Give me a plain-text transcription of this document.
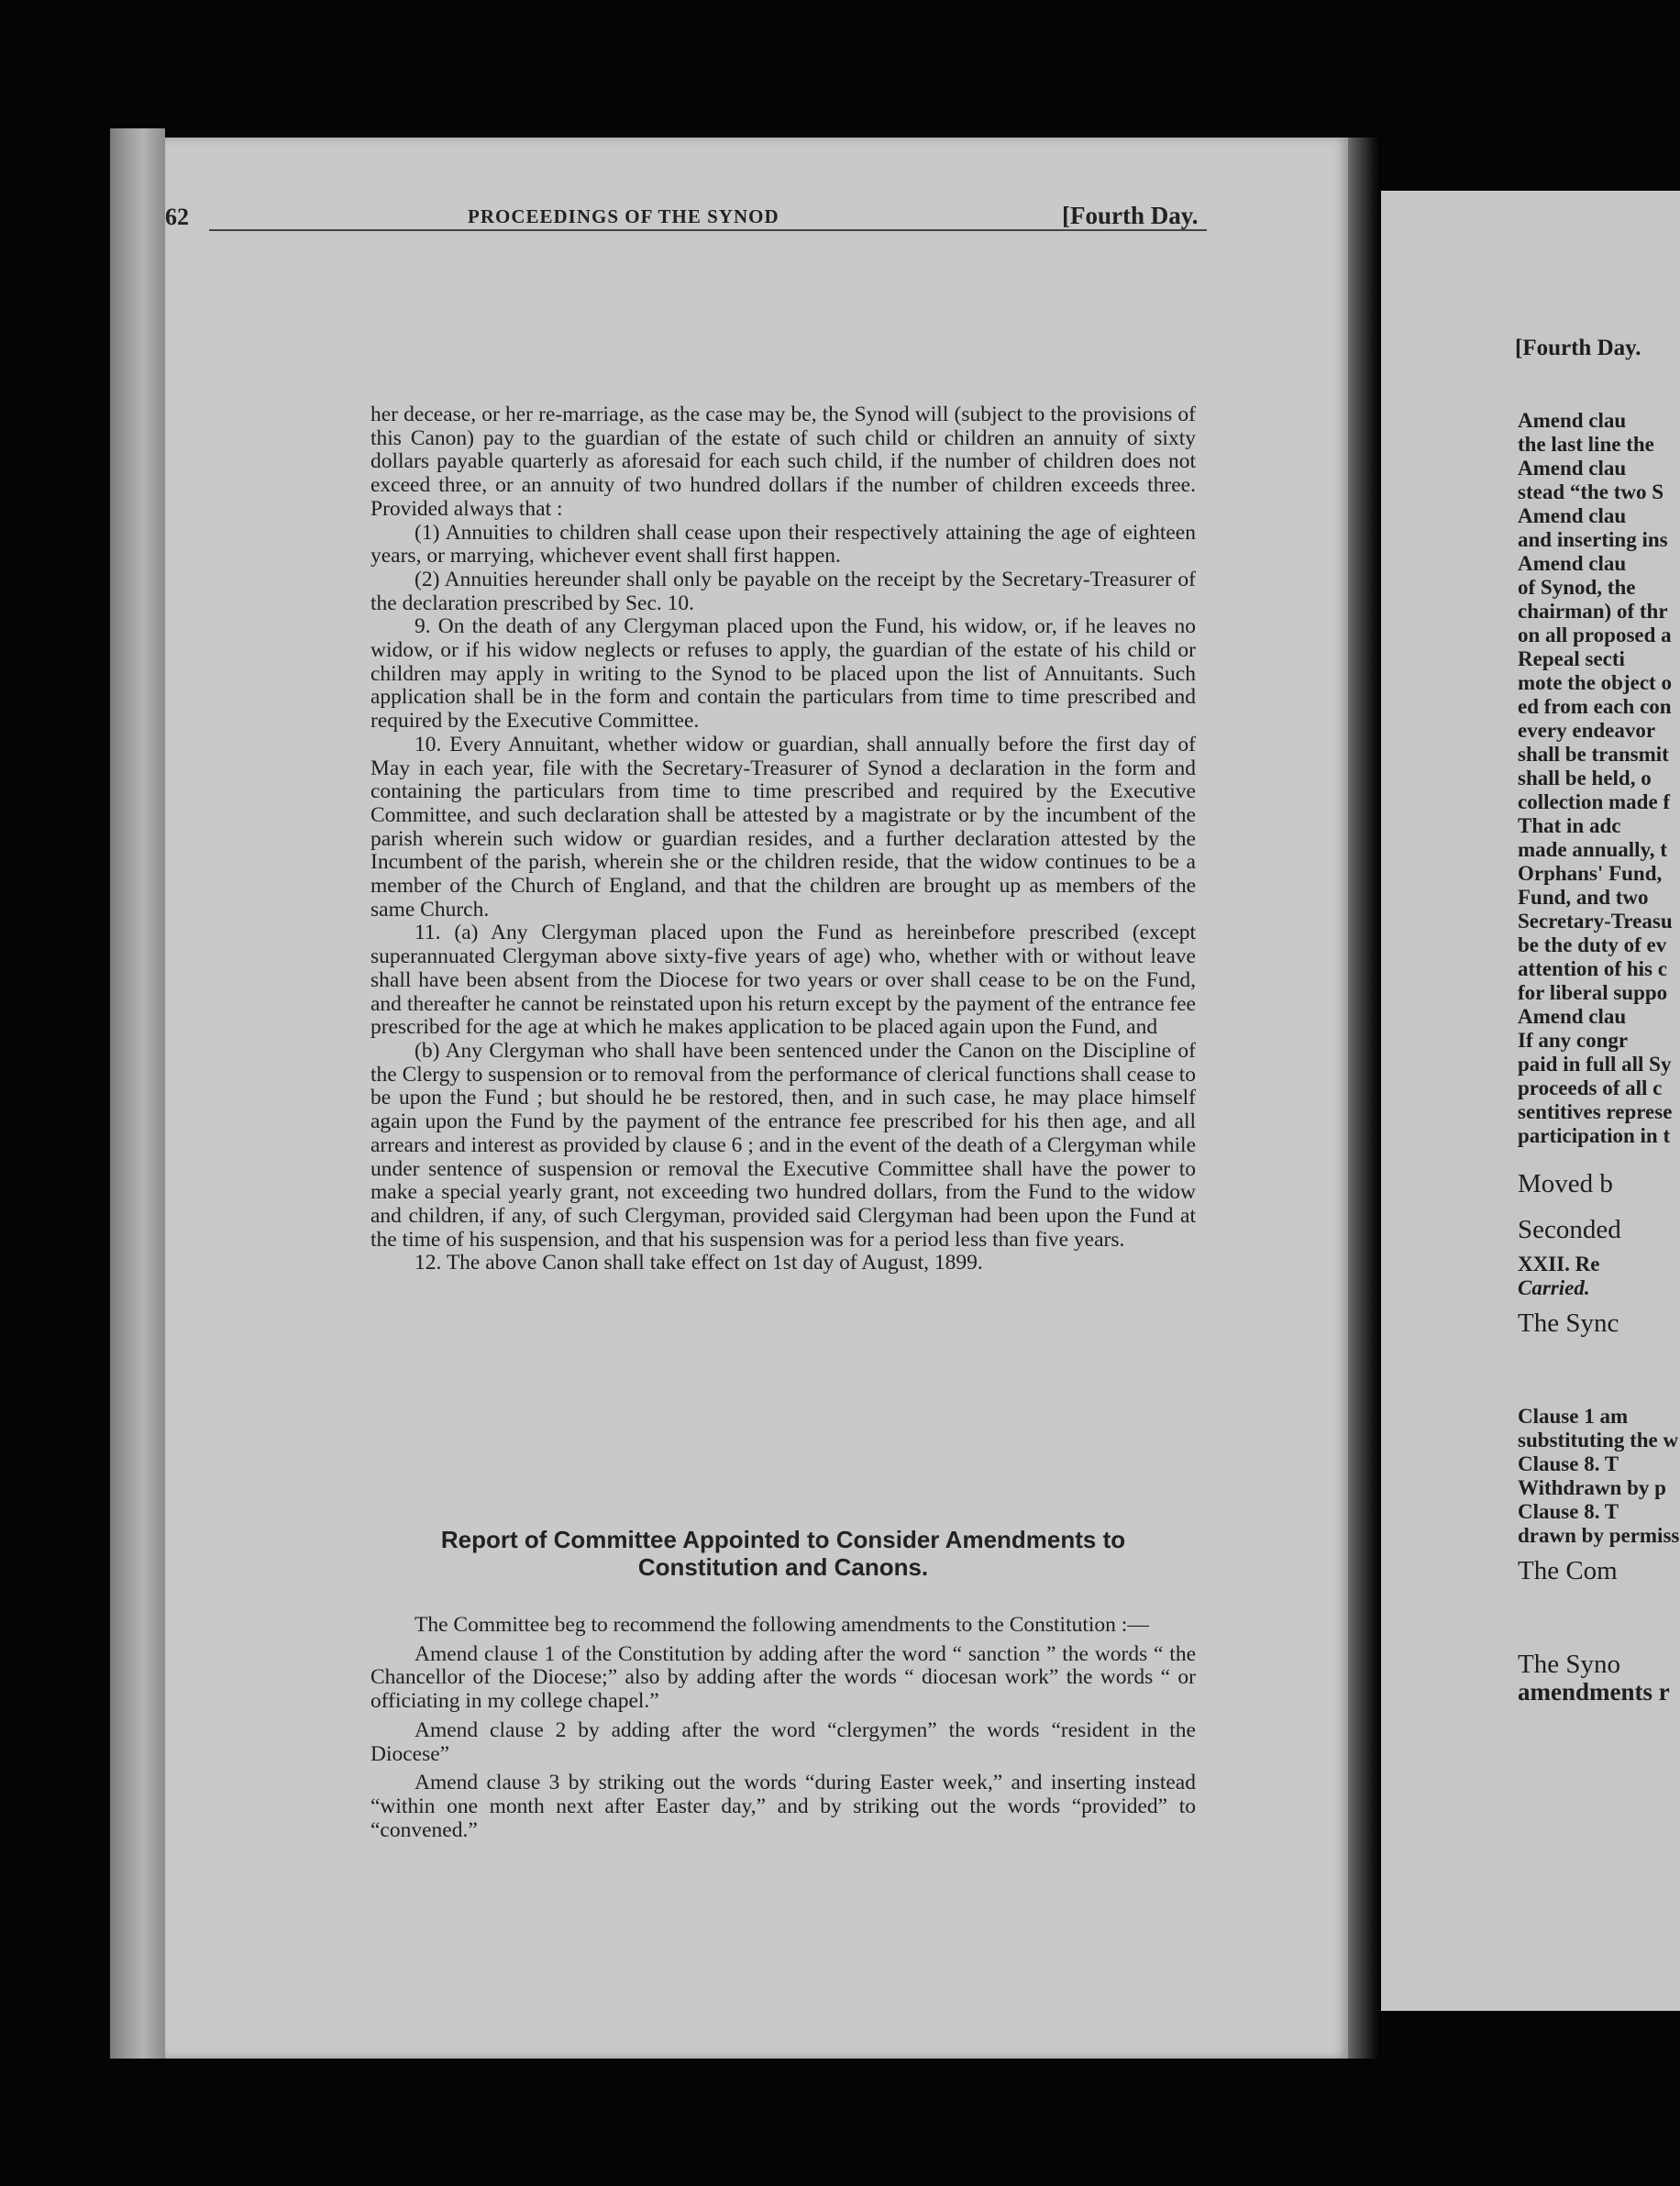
62	PROCEEDINGS OF THE SYNOD	[Fourth Day.

her decease, or her re-marriage, as the case may be, the Synod will (subject to the provisions of this Canon) pay to the guardian of the estate of such child or children an annuity of sixty dollars payable quarterly as aforesaid for each such child, if the number of children does not exceed three, or an annuity of two hundred dollars if the number of children exceeds three. Provided always that :

(1) Annuities to children shall cease upon their respectively attaining the age of eighteen years, or marrying, whichever event shall first happen.

(2) Annuities hereunder shall only be payable on the receipt by the Secretary-Treasurer of the declaration prescribed by Sec. 10.

9. On the death of any Clergyman placed upon the Fund, his widow, or, if he leaves no widow, or if his widow neglects or refuses to apply, the guardian of the estate of his child or children may apply in writing to the Synod to be placed upon the list of Annuitants. Such application shall be in the form and contain the particulars from time to time prescribed and required by the Executive Committee.

10. Every Annuitant, whether widow or guardian, shall annually before the first day of May in each year, file with the Secretary-Treasurer of Synod a declaration in the form and containing the particulars from time to time prescribed and required by the Executive Committee, and such declaration shall be attested by a magistrate or by the incumbent of the parish wherein such widow or guardian resides, and a further declaration attested by the Incumbent of the parish, wherein she or the children reside, that the widow continues to be a member of the Church of England, and that the children are brought up as members of the same Church.

11. (a) Any Clergyman placed upon the Fund as hereinbefore prescribed (except superannuated Clergyman above sixty-five years of age) who, whether with or without leave shall have been absent from the Diocese for two years or over shall cease to be on the Fund, and thereafter he cannot be reinstated upon his return except by the payment of the entrance fee prescribed for the age at which he makes application to be placed again upon the Fund, and

(b) Any Clergyman who shall have been sentenced under the Canon on the Discipline of the Clergy to suspension or to removal from the performance of clerical functions shall cease to be upon the Fund ; but should he be restored, then, and in such case, he may place himself again upon the Fund by the payment of the entrance fee prescribed for his then age, and all arrears and interest as provided by clause 6 ; and in the event of the death of a Clergyman while under sentence of suspension or removal the Executive Committee shall have the power to make a special yearly grant, not exceeding two hundred dollars, from the Fund to the widow and children, if any, of such Clergyman, provided said Clergyman had been upon the Fund at the time of his suspension, and that his suspension was for a period less than five years.

12. The above Canon shall take effect on 1st day of August, 1899.

Report of Committee Appointed to Consider Amendments to
Constitution and Canons.

The Committee beg to recommend the following amendments to the Constitution :—

Amend clause 1 of the Constitution by adding after the word “ sanction ” the words “ the Chancellor of the Diocese;” also by adding after the words “ diocesan work” the words “ or officiating in my college chapel.”

Amend clause 2 by adding after the word “clergymen” the words “resident in the Diocese”

Amend clause 3 by striking out the words “during Easter week,” and inserting instead “within one month next after Easter day,” and by striking out the words “provided” to “convened.”

[Fourth Day.
Amend clau
the last line the
Amend clau
stead “the two S
Amend clau
and inserting ins
Amend clau
of Synod, the
chairman) of thr
on all proposed a
Repeal secti
mote the object o
ed from each con
every endeavor
shall be transmit
shall be held, o
collection made f
That in adc
made annually, t
Orphans' Fund,
Fund, and two
Secretary-Treasu
be the duty of ev
attention of his c
for liberal suppo
Amend clau
If any congr
paid in full all Sy
proceeds of all c
sentitives represe
participation in t
Moved b
Seconded
XXII. Re
Carried.
The Sync
Clause 1 am
substituting the w
Clause 8. T
Withdrawn by p
Clause 8. T
drawn by permiss
The Com
The Syno
amendments r
